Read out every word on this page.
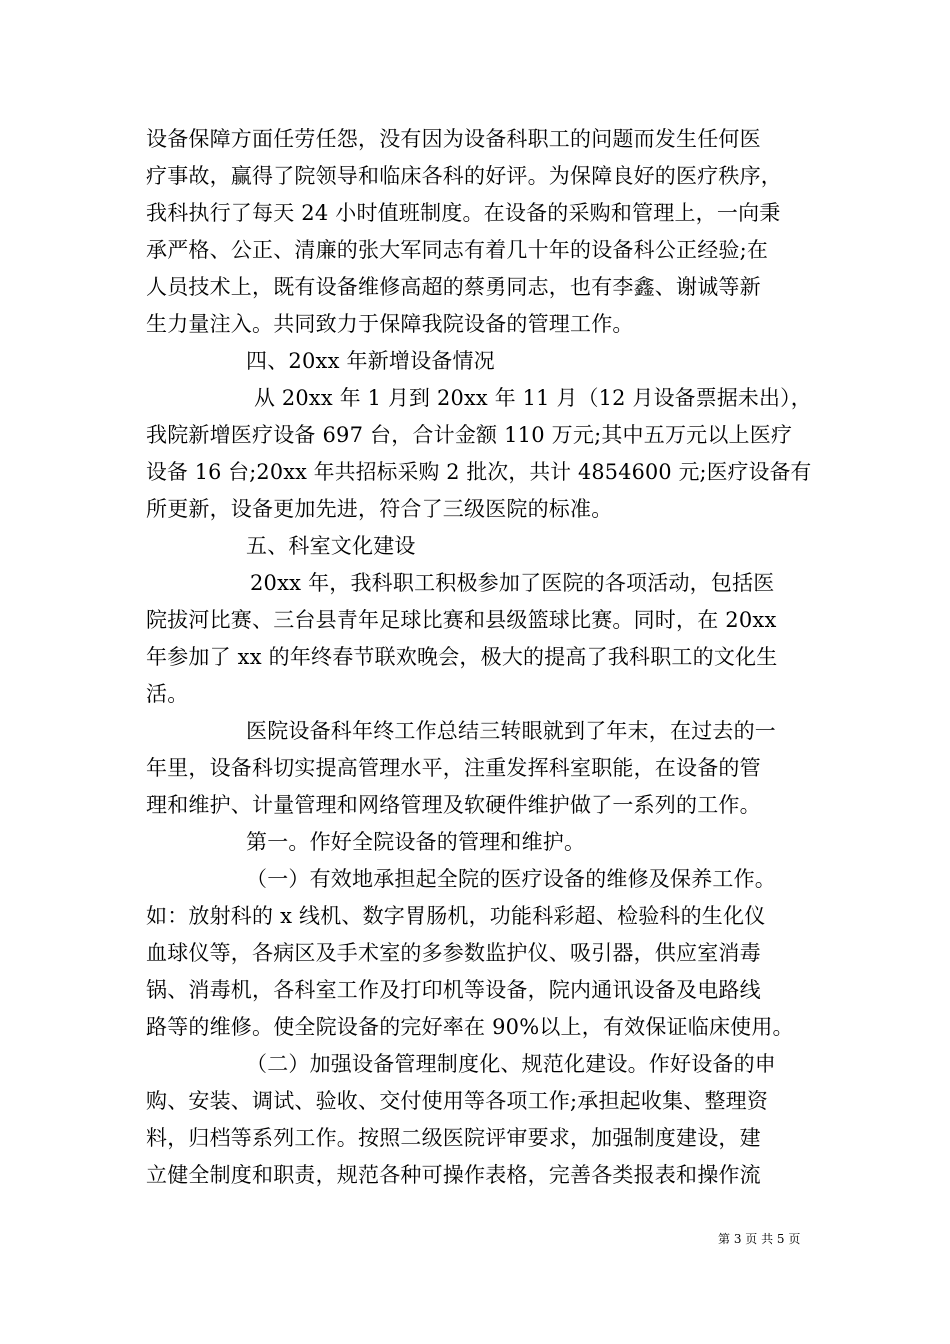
设备保障方面任劳任怨，没有因为设备科职工的问题而发生任何医
疗事故，赢得了院领导和临床各科的好评。为保障良好的医疗秩序，
我科执行了每天 24 小时值班制度。在设备的采购和管理上，一向秉
承严格、公正、清廉的张大军同志有着几十年的设备科公正经验;在
人员技术上，既有设备维修高超的蔡勇同志，也有李鑫、谢诚等新
生力量注入。共同致力于保障我院设备的管理工作。
四、20xx 年新增设备情况
从 20xx 年 1 月到 20xx 年 11 月（12 月设备票据未出），
我院新增医疗设备 697 台，合计金额 110 万元;其中五万元以上医疗
设备 16 台;20xx 年共招标采购 2 批次，共计 4854600 元;医疗设备有
所更新，设备更加先进，符合了三级医院的标准。
五、科室文化建设
20xx 年，我科职工积极参加了医院的各项活动，包括医
院拔河比赛、三台县青年足球比赛和县级篮球比赛。同时，在 20xx
年参加了 xx 的年终春节联欢晚会，极大的提高了我科职工的文化生
活。
医院设备科年终工作总结三转眼就到了年末，在过去的一
年里，设备科切实提高管理水平，注重发挥科室职能，在设备的管
理和维护、计量管理和网络管理及软硬件维护做了一系列的工作。
第一。作好全院设备的管理和维护。
（一）有效地承担起全院的医疗设备的维修及保养工作。
如：放射科的 x 线机、数字胃肠机，功能科彩超、检验科的生化仪
血球仪等，各病区及手术室的多参数监护仪、吸引器，供应室消毒
锅、消毒机，各科室工作及打印机等设备，院内通讯设备及电路线
路等的维修。使全院设备的完好率在 90%以上，有效保证临床使用。
（二）加强设备管理制度化、规范化建设。作好设备的申
购、安装、调试、验收、交付使用等各项工作;承担起收集、整理资
料，归档等系列工作。按照二级医院评审要求，加强制度建设，建
立健全制度和职责，规范各种可操作表格，完善各类报表和操作流
第 3 页 共 5 页
